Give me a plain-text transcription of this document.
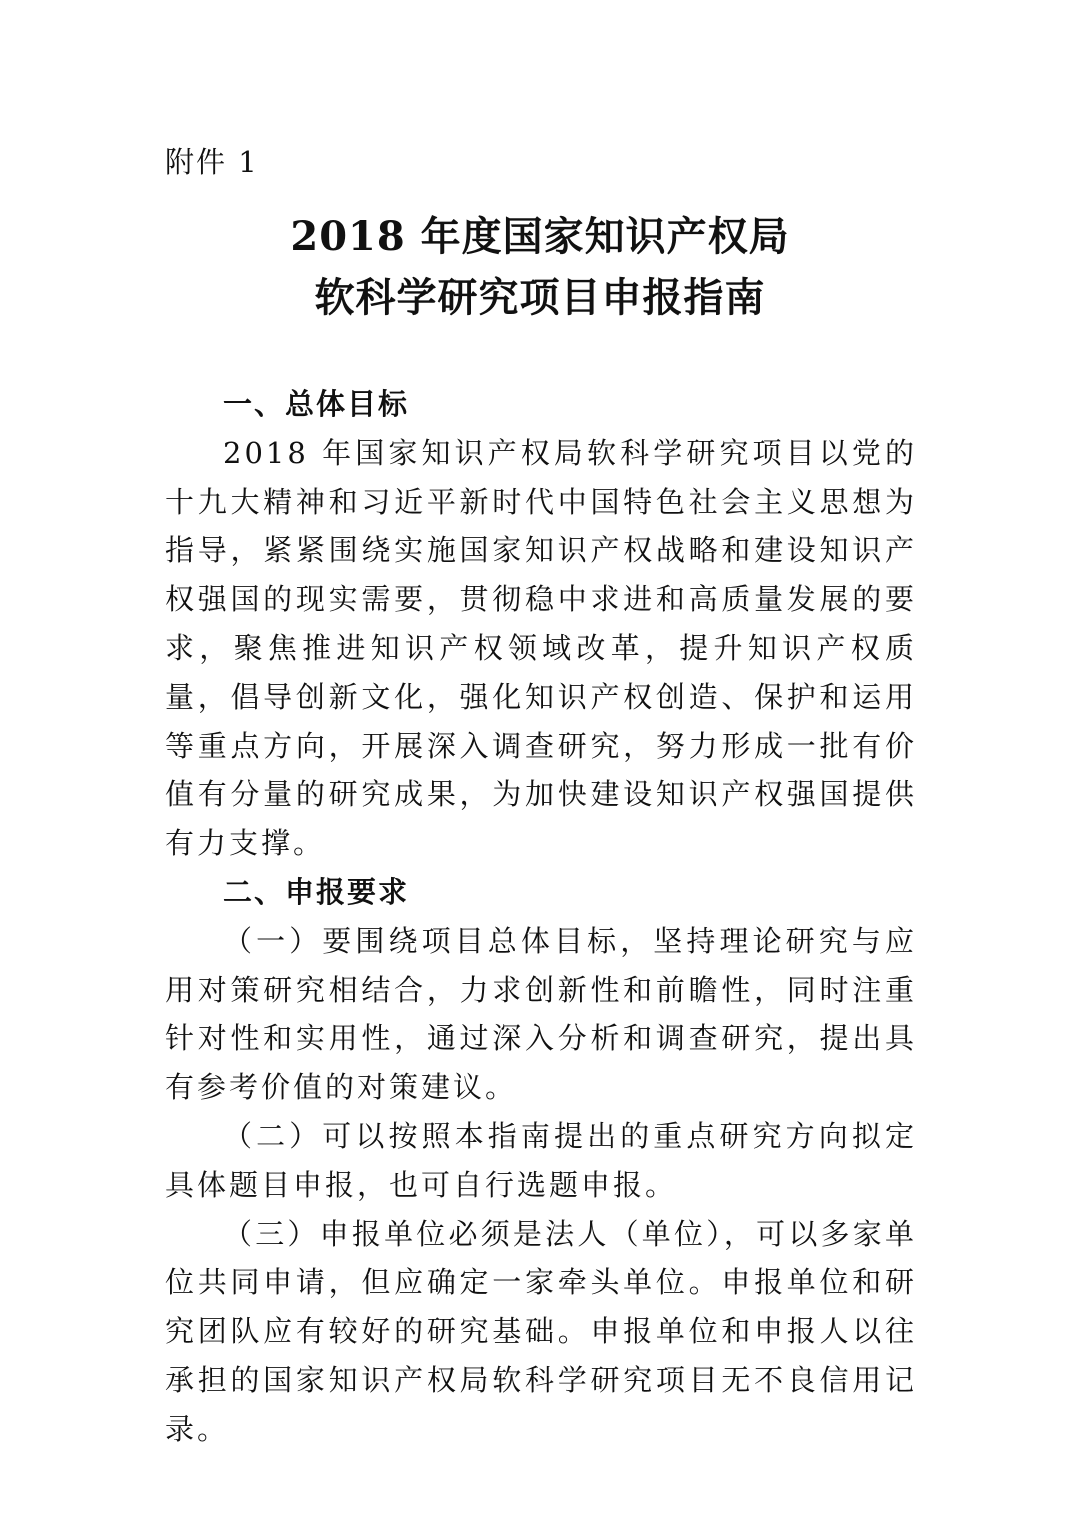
附件 1
2018 年度国家知识产权局
软科学研究项目申报指南

一、总体目标

2018 年国家知识产权局软科学研究项目以党的十九大精神和习近平新时代中国特色社会主义思想为指导，紧紧围绕实施国家知识产权战略和建设知识产权强国的现实需要，贯彻稳中求进和高质量发展的要求，聚焦推进知识产权领域改革，提升知识产权质量，倡导创新文化，强化知识产权创造、保护和运用等重点方向，开展深入调查研究，努力形成一批有价值有分量的研究成果，为加快建设知识产权强国提供有力支撑。

二、申报要求

（一）要围绕项目总体目标，坚持理论研究与应用对策研究相结合，力求创新性和前瞻性，同时注重针对性和实用性，通过深入分析和调查研究，提出具有参考价值的对策建议。

（二）可以按照本指南提出的重点研究方向拟定具体题目申报，也可自行选题申报。

（三）申报单位必须是法人（单位），可以多家单位共同申请，但应确定一家牵头单位。申报单位和研究团队应有较好的研究基础。申报单位和申报人以往承担的国家知识产权局软科学研究项目无不良信用记录。
